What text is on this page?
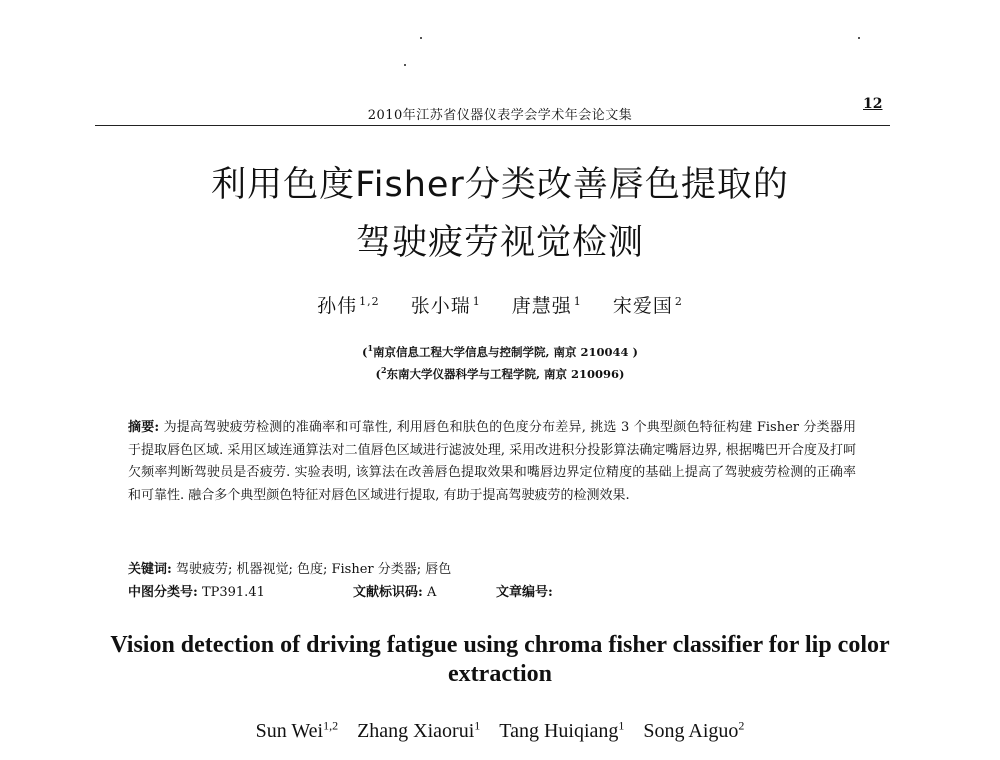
2010年江苏省仪器仪表学会学术年会论文集
12
利用色度Fisher分类改善唇色提取的
驾驶疲劳视觉检测
孙伟 $^{1,2}$ 张小瑞 $^1$ 唐慧强 $^1$ 宋爱国 $^2$
($^1$南京信息工程大学信息与控制学院, 南京 210044 )
($^2$东南大学仪器科学与工程学院, 南京 210096)
摘要: 为提高驾驶疲劳检测的准确率和可靠性, 利用唇色和肤色的色度分布差异, 挑选 3 个典型颜色特征构建 Fisher 分类器用于提取唇色区域. 采用区域连通算法对二值唇色区域进行滤波处理, 采用改进积分投影算法确定嘴唇边界, 根据嘴巴开合度及打呵欠频率判断驾驶员是否疲劳. 实验表明, 该算法在改善唇色提取效果和嘴唇边界定位精度的基础上提高了驾驶疲劳检测的正确率和可靠性. 融合多个典型颜色特征对唇色区域进行提取, 有助于提高驾驶疲劳的检测效果.
关键词: 驾驶疲劳; 机器视觉; 色度; Fisher 分类器; 唇色
中图分类号: TP391.41	文献标识码: A	文章编号:
Vision detection of driving fatigue using chroma fisher classifier for lip color extraction
Sun Wei$^{1,2}$ Zhang Xiaorui$^1$ Tang Huiqiang$^1$ Song Aiguo$^2$
